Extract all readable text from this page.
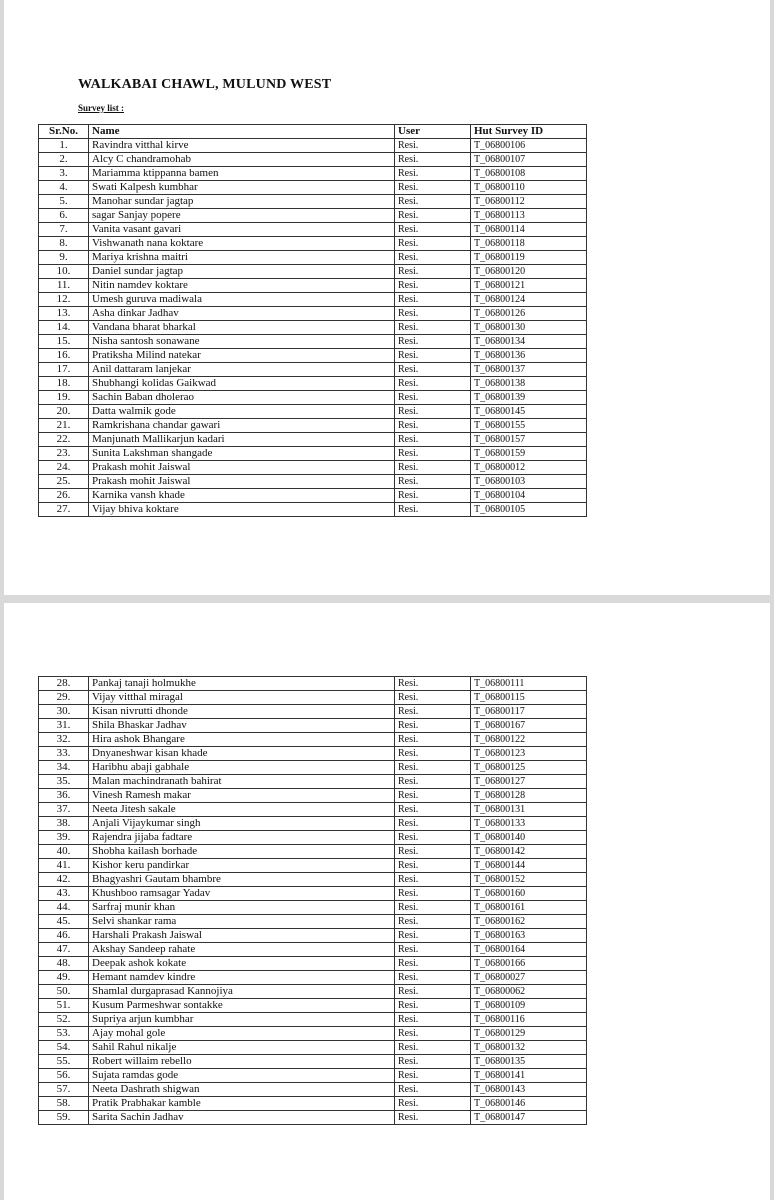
WALKABAI CHAWL, MULUND WEST

Survey list :

Sr.No.	Name	User	Hut Survey ID
1.	Ravindra vitthal kirve	Resi.	T_06800106
2.	Alcy C chandramohab	Resi.	T_06800107
3.	Mariamma ktippanna bamen	Resi.	T_06800108
4.	Swati Kalpesh kumbhar	Resi.	T_06800110
5.	Manohar sundar jagtap	Resi.	T_06800112
6.	sagar Sanjay popere	Resi.	T_06800113
7.	Vanita vasant gavari	Resi.	T_06800114
8.	Vishwanath nana koktare	Resi.	T_06800118
9.	Mariya krishna maitri	Resi.	T_06800119
10.	Daniel sundar jagtap	Resi.	T_06800120
11.	Nitin namdev koktare	Resi.	T_06800121
12.	Umesh guruva madiwala	Resi.	T_06800124
13.	Asha dinkar Jadhav	Resi.	T_06800126
14.	Vandana bharat bharkal	Resi.	T_06800130
15.	Nisha santosh sonawane	Resi.	T_06800134
16.	Pratiksha Milind natekar	Resi.	T_06800136
17.	Anil dattaram lanjekar	Resi.	T_06800137
18.	Shubhangi kolidas Gaikwad	Resi.	T_06800138
19.	Sachin Baban dholerao	Resi.	T_06800139
20.	Datta walmik gode	Resi.	T_06800145
21.	Ramkrishana chandar gawari	Resi.	T_06800155
22.	Manjunath Mallikarjun kadari	Resi.	T_06800157
23.	Sunita Lakshman shangade	Resi.	T_06800159
24.	Prakash mohit Jaiswal	Resi.	T_06800012
25.	Prakash mohit Jaiswal	Resi.	T_06800103
26.	Karnika vansh khade	Resi.	T_06800104
27.	Vijay bhiva koktare	Resi.	T_06800105
28.	Pankaj tanaji holmukhe	Resi.	T_06800111
29.	Vijay vitthal miragal	Resi.	T_06800115
30.	Kisan nivrutti dhonde	Resi.	T_06800117
31.	Shila Bhaskar Jadhav	Resi.	T_06800167
32.	Hira ashok Bhangare	Resi.	T_06800122
33.	Dnyaneshwar kisan khade	Resi.	T_06800123
34.	Haribhu abaji gabhale	Resi.	T_06800125
35.	Malan machindranath bahirat	Resi.	T_06800127
36.	Vinesh Ramesh makar	Resi.	T_06800128
37.	Neeta Jitesh sakale	Resi.	T_06800131
38.	Anjali Vijaykumar singh	Resi.	T_06800133
39.	Rajendra jijaba fadtare	Resi.	T_06800140
40.	Shobha kailash borhade	Resi.	T_06800142
41.	Kishor keru pandirkar	Resi.	T_06800144
42.	Bhagyashri Gautam bhambre	Resi.	T_06800152
43.	Khushboo ramsagar Yadav	Resi.	T_06800160
44.	Sarfraj munir khan	Resi.	T_06800161
45.	Selvi shankar rama	Resi.	T_06800162
46.	Harshali Prakash Jaiswal	Resi.	T_06800163
47.	Akshay Sandeep rahate	Resi.	T_06800164
48.	Deepak ashok kokate	Resi.	T_06800166
49.	Hemant namdev kindre	Resi.	T_06800027
50.	Shamlal durgaprasad Kannojiya	Resi.	T_06800062
51.	Kusum Parmeshwar sontakke	Resi.	T_06800109
52.	Supriya arjun kumbhar	Resi.	T_06800116
53.	Ajay mohal gole	Resi.	T_06800129
54.	Sahil Rahul nikalje	Resi.	T_06800132
55.	Robert willaim rebello	Resi.	T_06800135
56.	Sujata ramdas gode	Resi.	T_06800141
57.	Neeta Dashrath shigwan	Resi.	T_06800143
58.	Pratik Prabhakar kamble	Resi.	T_06800146
59.	Sarita Sachin Jadhav	Resi.	T_06800147
